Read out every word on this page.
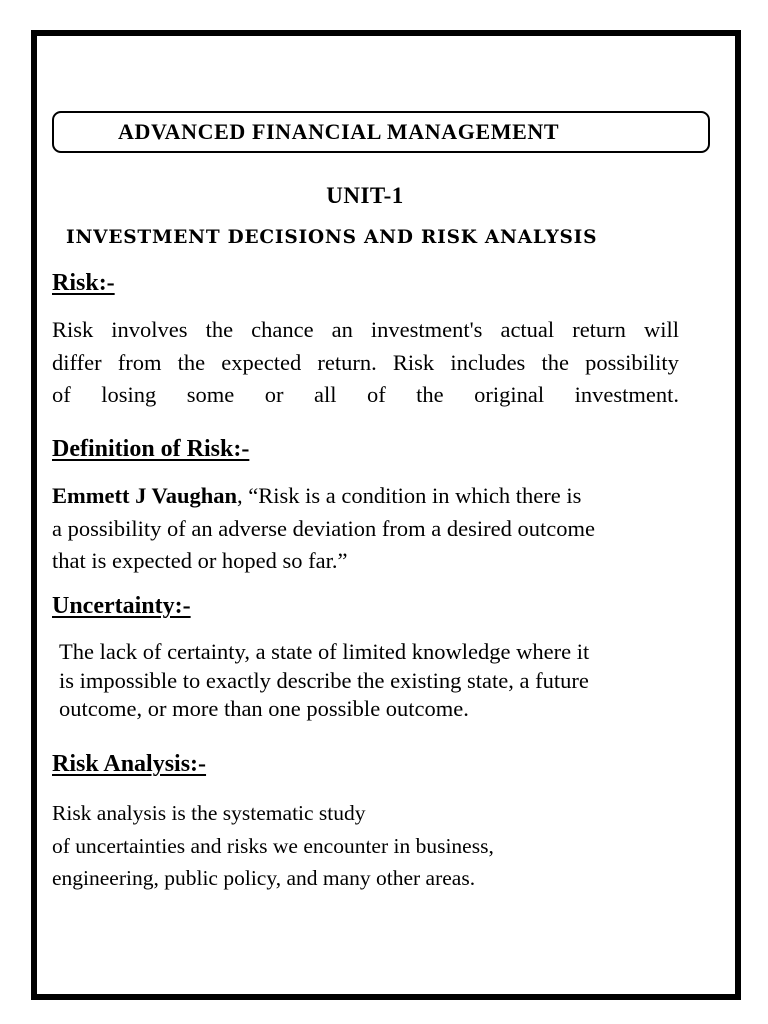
ADVANCED FINANCIAL MANAGEMENT
UNIT-1
INVESTMENT DECISIONS AND RISK ANALYSIS
Risk:-
Risk involves the chance an investment's actual return will
differ from the expected return. Risk includes the possibility
of losing some or all of the original investment.
Definition of Risk:-
Emmett J Vaughan, “Risk is a condition in which there is
a possibility of an adverse deviation from a desired outcome
that is expected or hoped so far.”
Uncertainty:-
The lack of certainty, a state of limited knowledge where it
is impossible to exactly describe the existing state, a future
outcome, or more than one possible outcome.
Risk Analysis:-
Risk analysis is the systematic study
of uncertainties and risks we encounter in business,
engineering, public policy, and many other areas.
